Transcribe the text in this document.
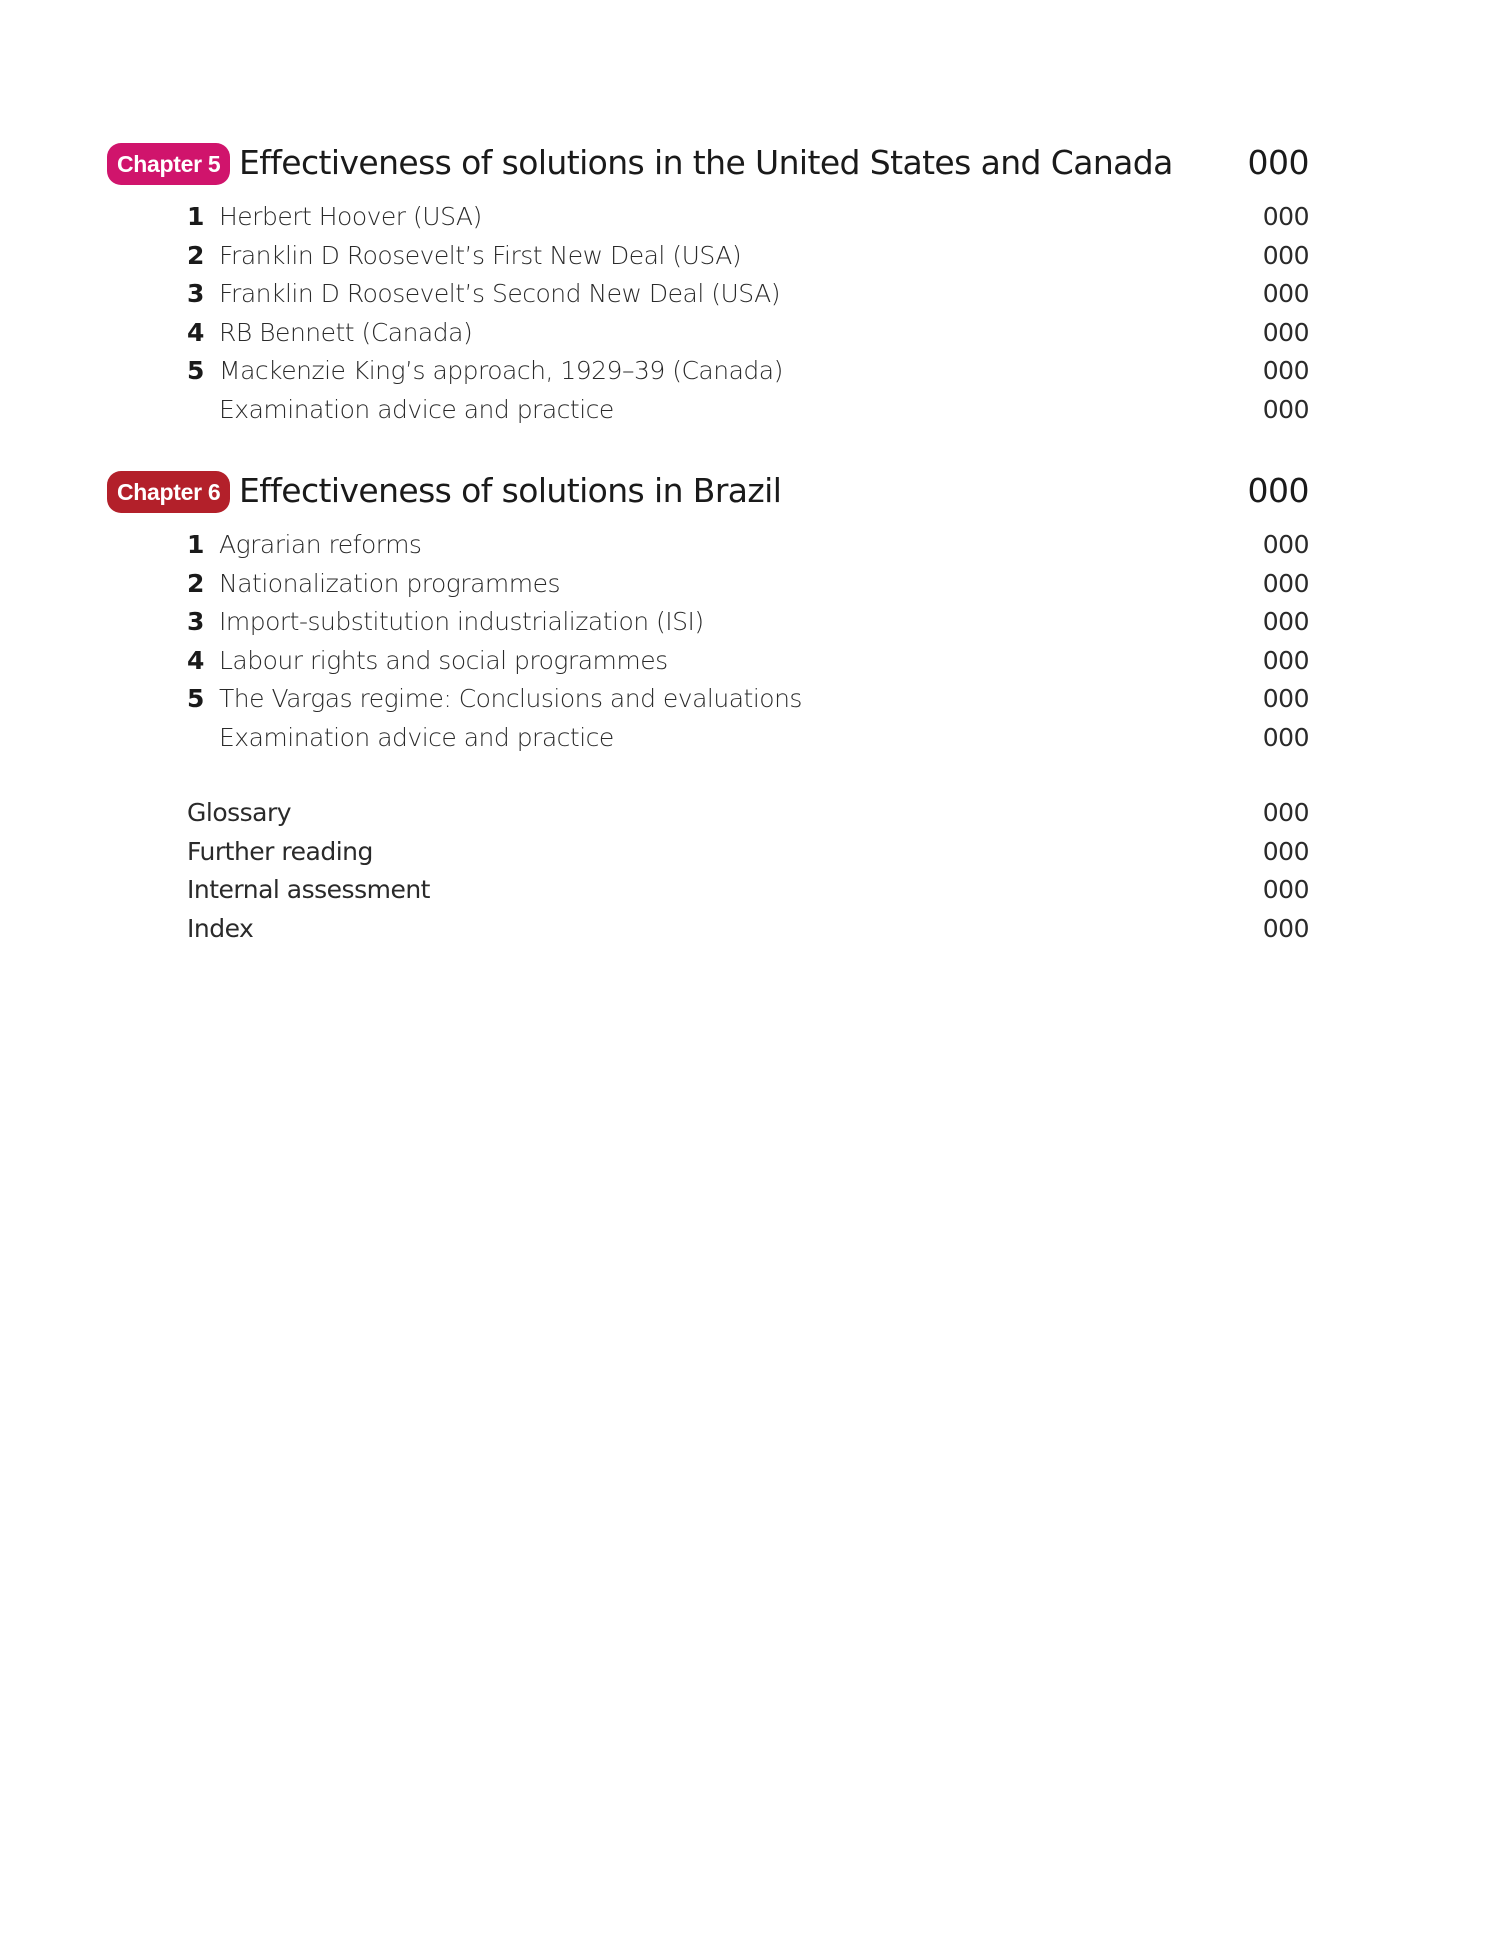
Chapter 5 Effectiveness of solutions in the United States and Canada 000
1 Herbert Hoover (USA)	000
2 Franklin D Roosevelt’s First New Deal (USA)	000
3 Franklin D Roosevelt’s Second New Deal (USA)	000
4 RB Bennett (Canada)	000
5 Mackenzie King’s approach, 1929–39 (Canada)	000
Examination advice and practice	000
Chapter 6 Effectiveness of solutions in Brazil	000
1 Agrarian reforms	000
2 Nationalization programmes	000
3 Import-substitution industrialization (ISI)	000
4 Labour rights and social programmes	000
5 The Vargas regime: Conclusions and evaluations	000
Examination advice and practice	000
Glossary	000
Further reading	000
Internal assessment	000
Index	000
